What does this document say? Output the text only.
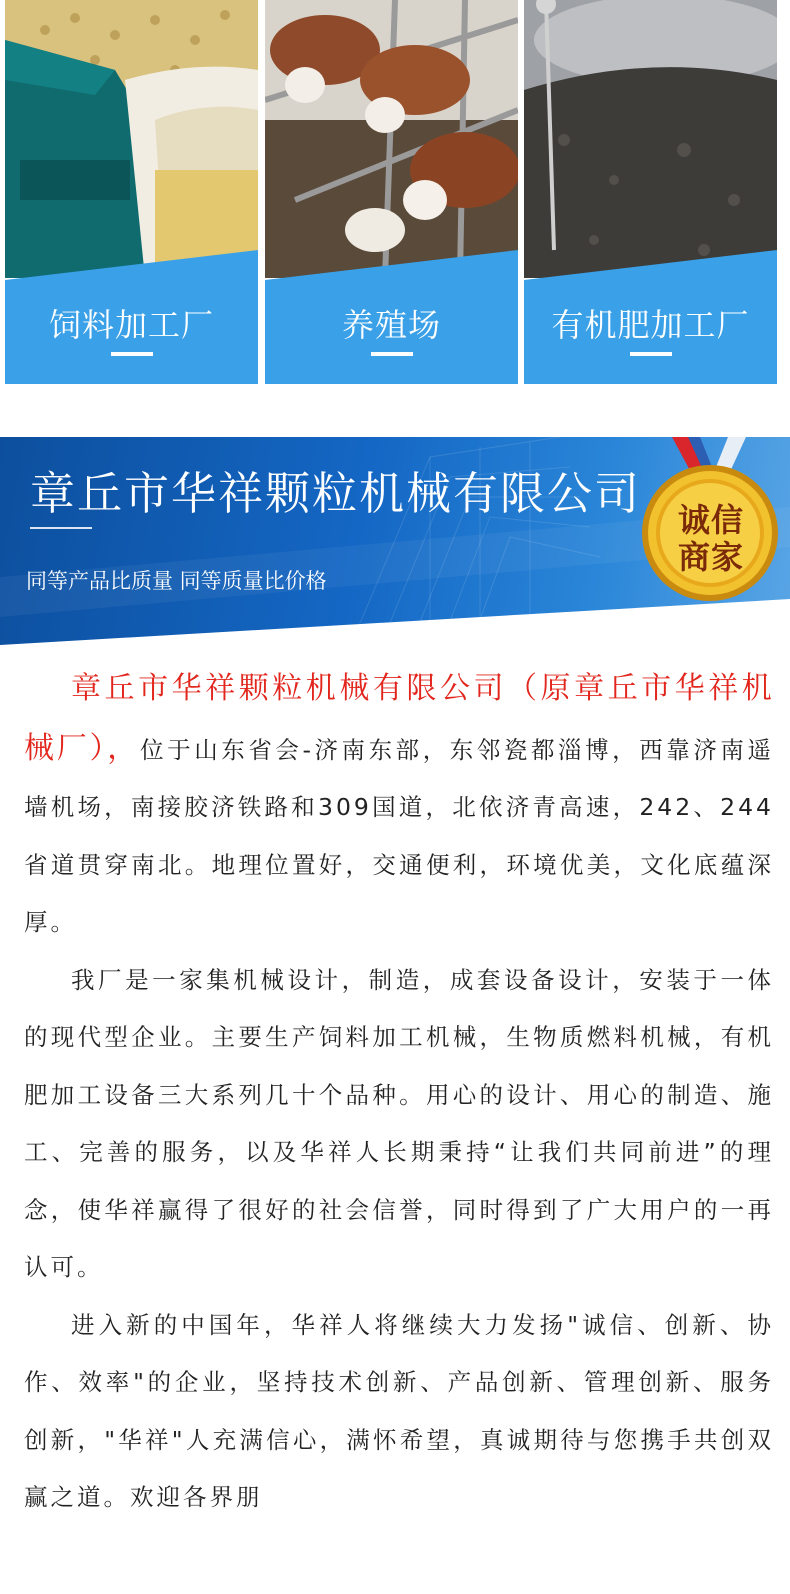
饲料加工厂	养殖场	有机肥加工厂
章丘市华祥颗粒机械有限公司
同等产品比质量 同等质量比价格
诚信
商家

章丘市华祥颗粒机械有限公司（原章丘市华祥机械厂），位于山东省会-济南东部，东邻瓷都淄博，西靠济南遥墙机场，南接胶济铁路和309国道，北依济青高速，242、244省道贯穿南北。地理位置好，交通便利，环境优美，文化底蕴深厚。

我厂是一家集机械设计，制造，成套设备设计，安装于一体的现代型企业。主要生产饲料加工机械，生物质燃料机械，有机肥加工设备三大系列几十个品种。用心的设计、用心的制造、施工、完善的服务，以及华祥人长期秉持“让我们共同前进”的理念，使华祥赢得了很好的社会信誉，同时得到了广大用户的一再认可。

进入新的中国年，华祥人将继续大力发扬"诚信、创新、协作、效率"的企业，坚持技术创新、产品创新、管理创新、服务创新，"华祥"人充满信心，满怀希望，真诚期待与您携手共创双赢之道。欢迎各界朋
